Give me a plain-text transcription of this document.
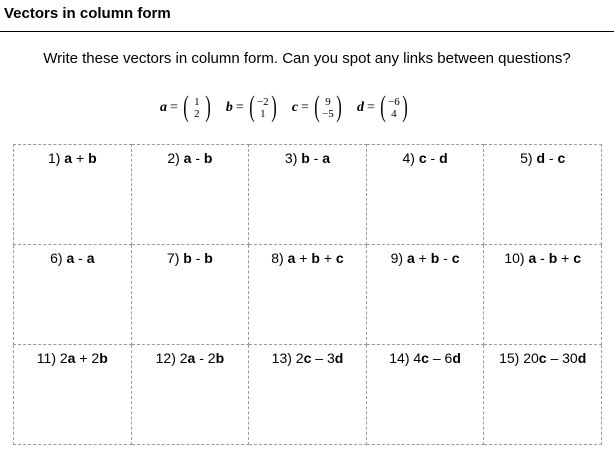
Vectors in column form
Write these vectors in column form. Can you spot any links between questions?
a = ( 1
2 ) b = ( −2
1 ) c = ( 9
−5 ) d = ( −6
4 )
1) a + b	2) a - b	3) b - a	4) c - d	5) d - c
6) a - a	7) b - b	8) a + b + c	9) a + b - c	10) a - b + c
11) 2a + 2b	12) 2a - 2b	13) 2c – 3d	14) 4c – 6d	15) 20c – 30d
